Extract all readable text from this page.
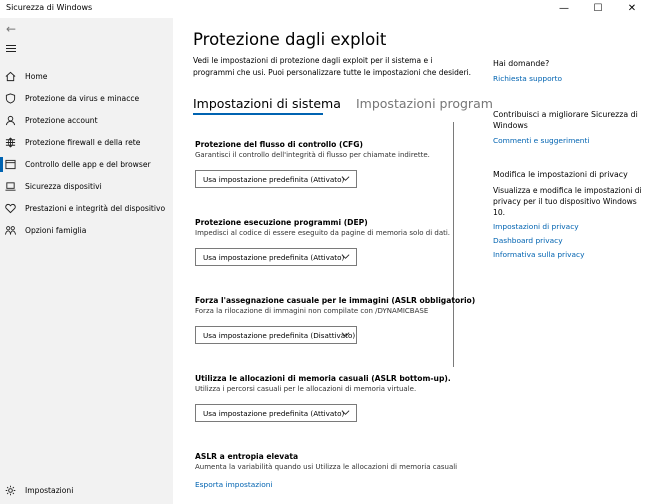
Sicurezza di Windows	—	☐	✕
←
Home
Protezione da virus e minacce
Protezione account
Protezione firewall e della rete
Controllo delle app e del browser
Sicurezza dispositivi
Prestazioni e integrità del dispositivo
Opzioni famiglia
Impostazioni
Protezione dagli exploit
Vedi le impostazioni di protezione dagli exploit per il sistema e i programmi che usi. Puoi personalizzare tutte le impostazioni che desideri.
Impostazioni di sistema Impostazioni program
Protezione del flusso di controllo (CFG)
Garantisci il controllo dell'integrità di flusso per chiamate indirette.
Usa impostazione predefinita (Attivato)
Protezione esecuzione programmi (DEP)
Impedisci al codice di essere eseguito da pagine di memoria solo di dati.
Usa impostazione predefinita (Attivato)
Forza l'assegnazione casuale per le immagini (ASLR obbligatorio)
Forza la rilocazione di immagini non compilate con /DYNAMICBASE
Usa impostazione predefinita (Disattivato)
Utilizza le allocazioni di memoria casuali (ASLR bottom-up).
Utilizza i percorsi casuali per le allocazioni di memoria virtuale.
Usa impostazione predefinita (Attivato)
ASLR a entropia elevata
Aumenta la variabilità quando usi Utilizza le allocazioni di memoria casuali
Esporta impostazioni
Hai domande?
Richiesta supporto
Contribuisci a migliorare Sicurezza di Windows
Commenti e suggerimenti
Modifica le impostazioni di privacy
Visualizza e modifica le impostazioni di privacy per il tuo dispositivo Windows 10.
Impostazioni di privacy
Dashboard privacy
Informativa sulla privacy
